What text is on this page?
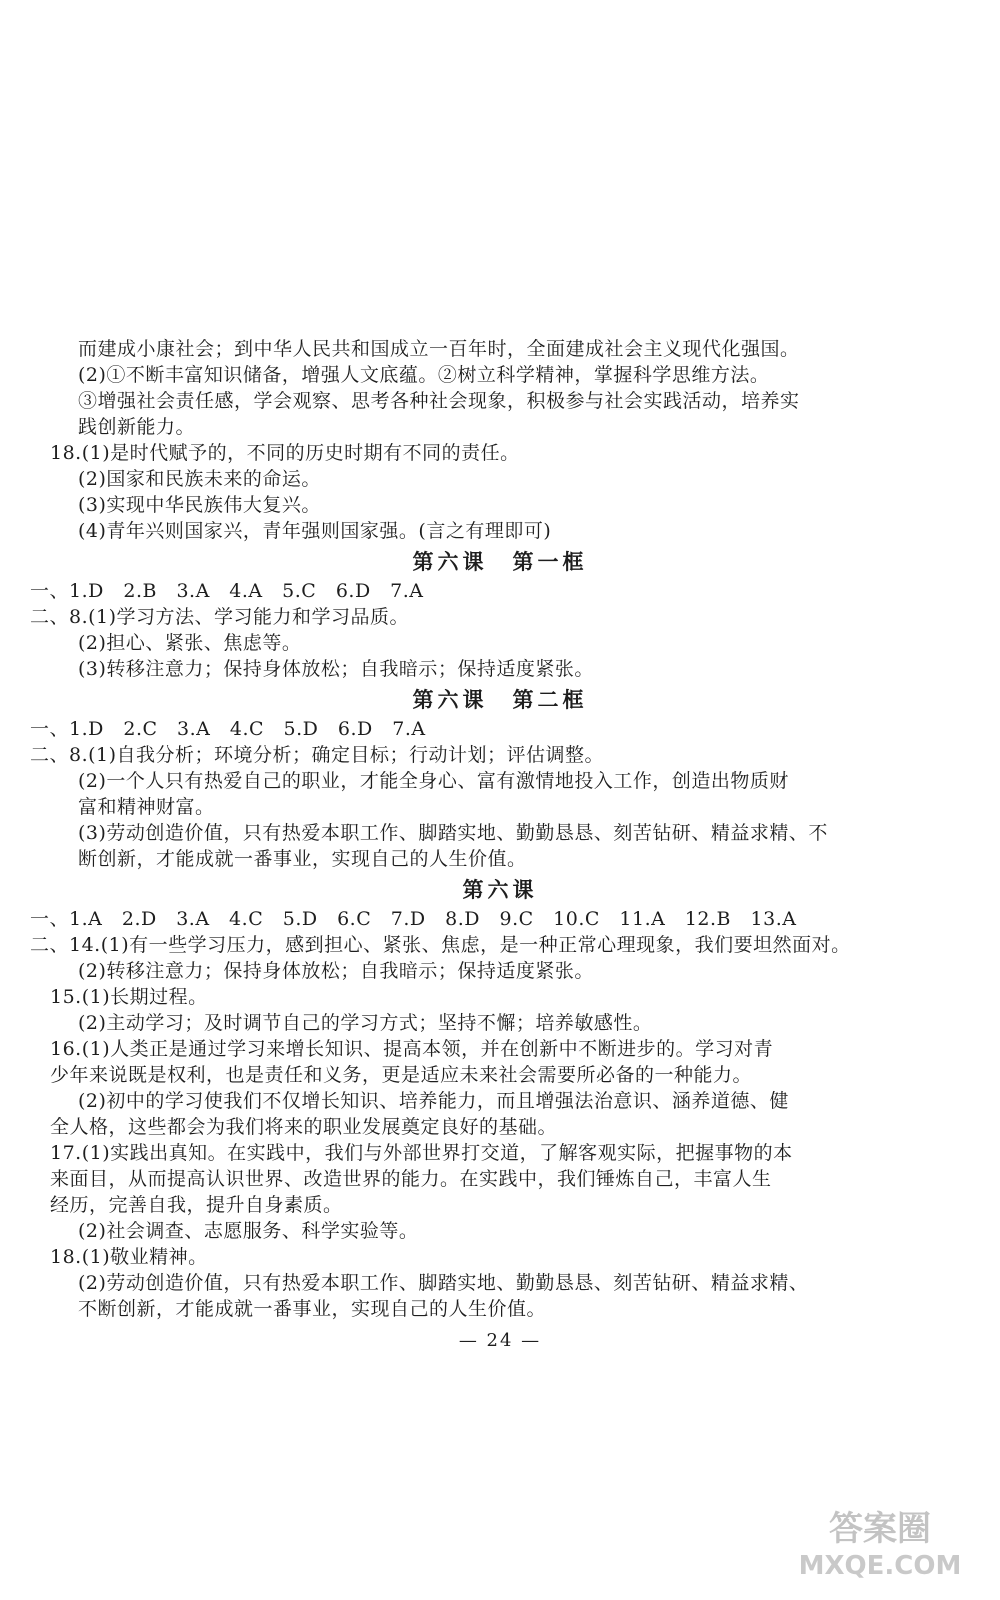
而建成小康社会；到中华人民共和国成立一百年时，全面建成社会主义现代化强国。
(2)①不断丰富知识储备，增强人文底蕴。②树立科学精神，掌握科学思维方法。
③增强社会责任感，学会观察、思考各种社会现象，积极参与社会实践活动，培养实
践创新能力。
18.(1)是时代赋予的，不同的历史时期有不同的责任。
(2)国家和民族未来的命运。
(3)实现中华民族伟大复兴。
(4)青年兴则国家兴，青年强则国家强。(言之有理即可)
第六课　第一框
一、1.D　2.B　3.A　4.A　5.C　6.D　7.A
二、8.(1)学习方法、学习能力和学习品质。
(2)担心、紧张、焦虑等。
(3)转移注意力；保持身体放松；自我暗示；保持适度紧张。
第六课　第二框
一、1.D　2.C　3.A　4.C　5.D　6.D　7.A
二、8.(1)自我分析；环境分析；确定目标；行动计划；评估调整。
(2)一个人只有热爱自己的职业，才能全身心、富有激情地投入工作，创造出物质财
富和精神财富。
(3)劳动创造价值，只有热爱本职工作、脚踏实地、勤勤恳恳、刻苦钻研、精益求精、不
断创新，才能成就一番事业，实现自己的人生价值。
第六课
一、1.A　2.D　3.A　4.C　5.D　6.C　7.D　8.D　9.C　10.C　11.A　12.B　13.A
二、14.(1)有一些学习压力，感到担心、紧张、焦虑，是一种正常心理现象，我们要坦然面对。
(2)转移注意力；保持身体放松；自我暗示；保持适度紧张。
15.(1)长期过程。
(2)主动学习；及时调节自己的学习方式；坚持不懈；培养敏感性。
16.(1)人类正是通过学习来增长知识、提高本领，并在创新中不断进步的。学习对青
少年来说既是权利，也是责任和义务，更是适应未来社会需要所必备的一种能力。
(2)初中的学习使我们不仅增长知识、培养能力，而且增强法治意识、涵养道德、健
全人格，这些都会为我们将来的职业发展奠定良好的基础。
17.(1)实践出真知。在实践中，我们与外部世界打交道，了解客观实际，把握事物的本
来面目，从而提高认识世界、改造世界的能力。在实践中，我们锤炼自己，丰富人生
经历，完善自我，提升自身素质。
(2)社会调查、志愿服务、科学实验等。
18.(1)敬业精神。
(2)劳动创造价值，只有热爱本职工作、脚踏实地、勤勤恳恳、刻苦钻研、精益求精、
不断创新，才能成就一番事业，实现自己的人生价值。
— 24 —
答案圈
MXQE.COM
